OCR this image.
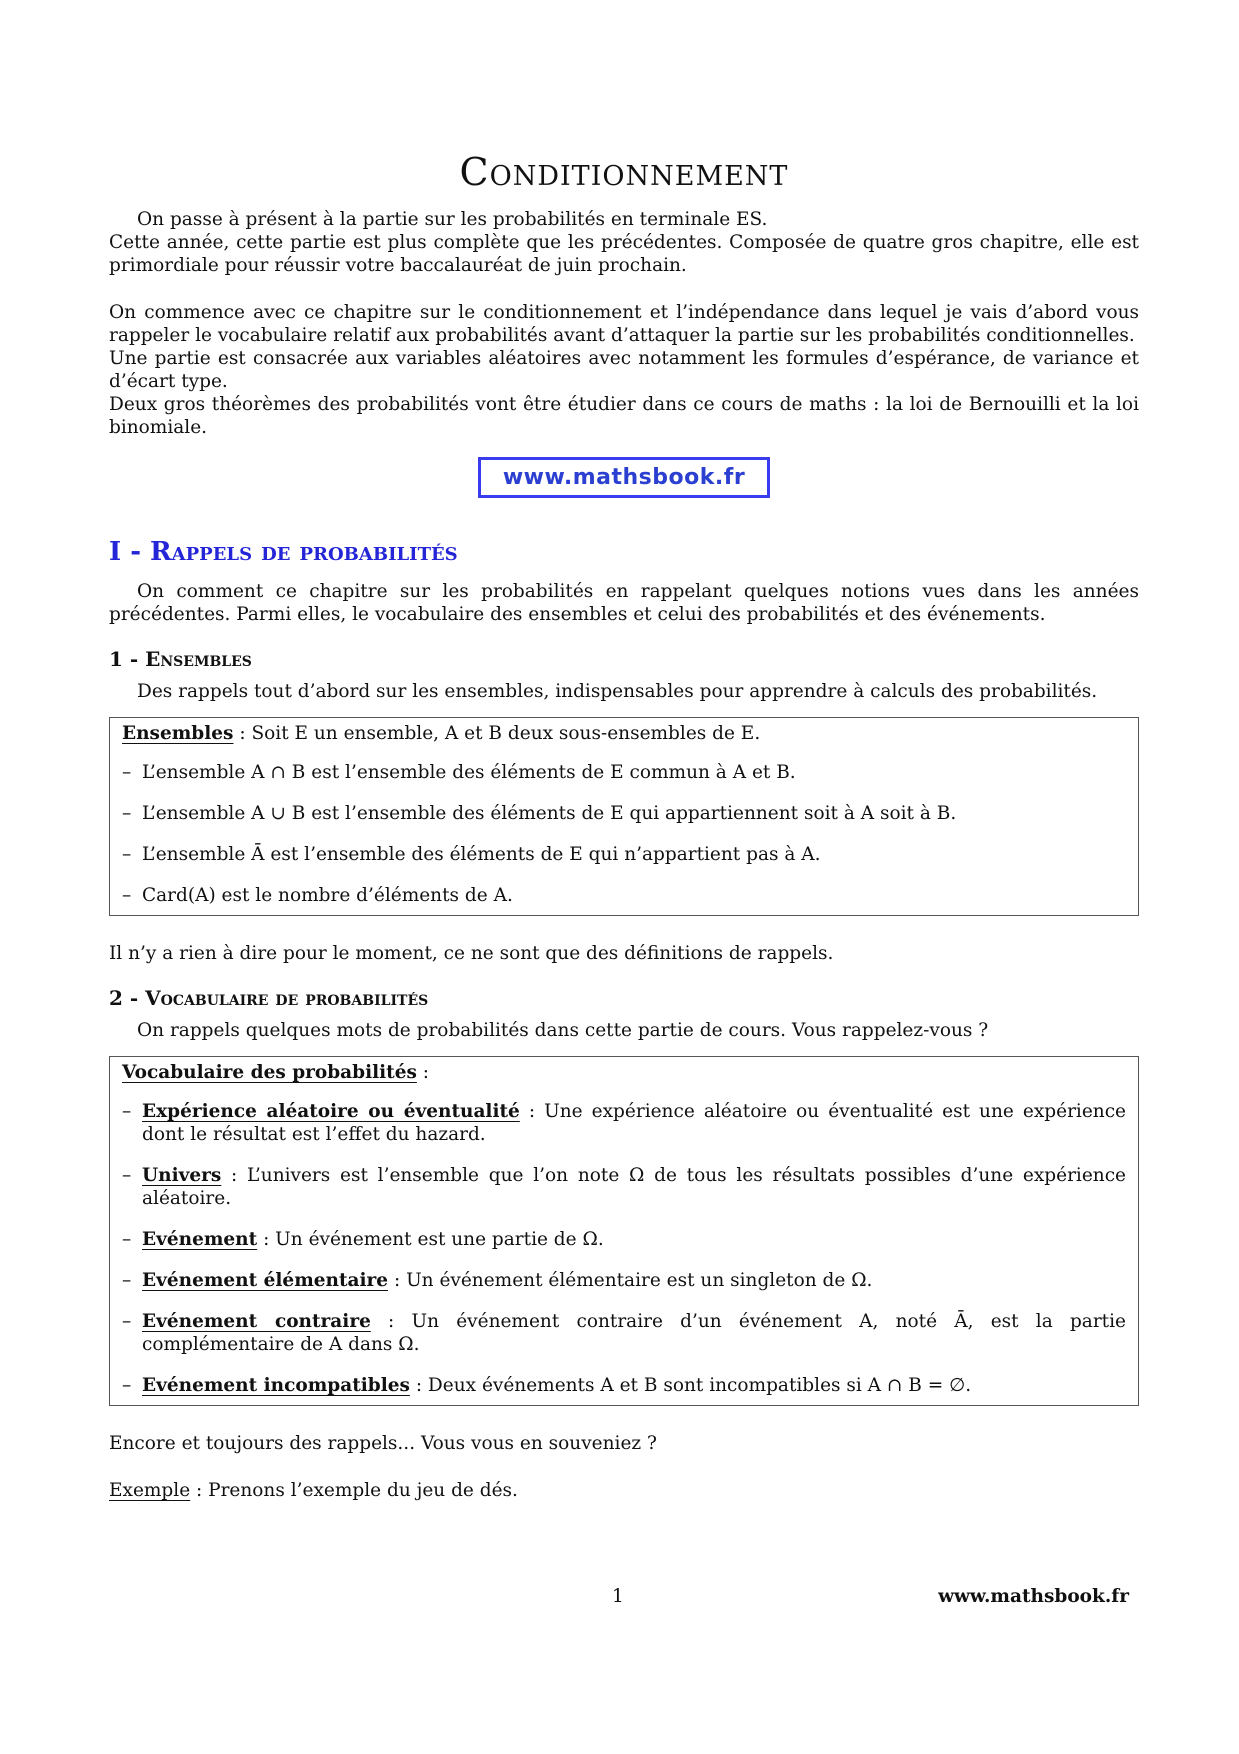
Conditionnement

On passe à présent à la partie sur les probabilités en terminale ES.

Cette année, cette partie est plus complète que les précédentes. Composée de quatre gros chapitre, elle est primordiale pour réussir votre baccalauréat de juin prochain.

On commence avec ce chapitre sur le conditionnement et l’indépendance dans lequel je vais d’abord vous rappeler le vocabulaire relatif aux probabilités avant d’attaquer la partie sur les probabilités conditionnelles.

Une partie est consacrée aux variables aléatoires avec notamment les formules d’espérance, de variance et d’écart type.

Deux gros théorèmes des probabilités vont être étudier dans ce cours de maths : la loi de Bernouilli et la loi binomiale.

www.mathsbook.fr
I - Rappels de probabilités

On comment ce chapitre sur les probabilités en rappelant quelques notions vues dans les années précédentes. Parmi elles, le vocabulaire des ensembles et celui des probabilités et des événements.

1 - Ensembles

Des rappels tout d’abord sur les ensembles, indispensables pour apprendre à calculs des probabilités.

Ensembles : Soit E un ensemble, A et B deux sous-ensembles de E.

– L’ensemble A ∩ B est l’ensemble des éléments de E commun à A et B.
– L’ensemble A ∪ B est l’ensemble des éléments de E qui appartiennent soit à A soit à B.
– L’ensemble Ā est l’ensemble des éléments de E qui n’appartient pas à A.
– Card(A) est le nombre d’éléments de A.

Il n’y a rien à dire pour le moment, ce ne sont que des définitions de rappels.

2 - Vocabulaire de probabilités

On rappels quelques mots de probabilités dans cette partie de cours. Vous rappelez-vous ?

Vocabulaire des probabilités :

– Expérience aléatoire ou éventualité : Une expérience aléatoire ou éventualité est une expérience dont le résultat est l’effet du hazard.
– Univers : L’univers est l’ensemble que l’on note Ω de tous les résultats possibles d’une expérience aléatoire.
– Evénement : Un événement est une partie de Ω.
– Evénement élémentaire : Un événement élémentaire est un singleton de Ω.
– Evénement contraire : Un événement contraire d’un événement A, noté Ā, est la partie complémentaire de A dans Ω.
– Evénement incompatibles : Deux événements A et B sont incompatibles si A ∩ B = ∅.

Encore et toujours des rappels... Vous vous en souveniez ?

Exemple : Prenons l’exemple du jeu de dés.

1	www.mathsbook.fr
